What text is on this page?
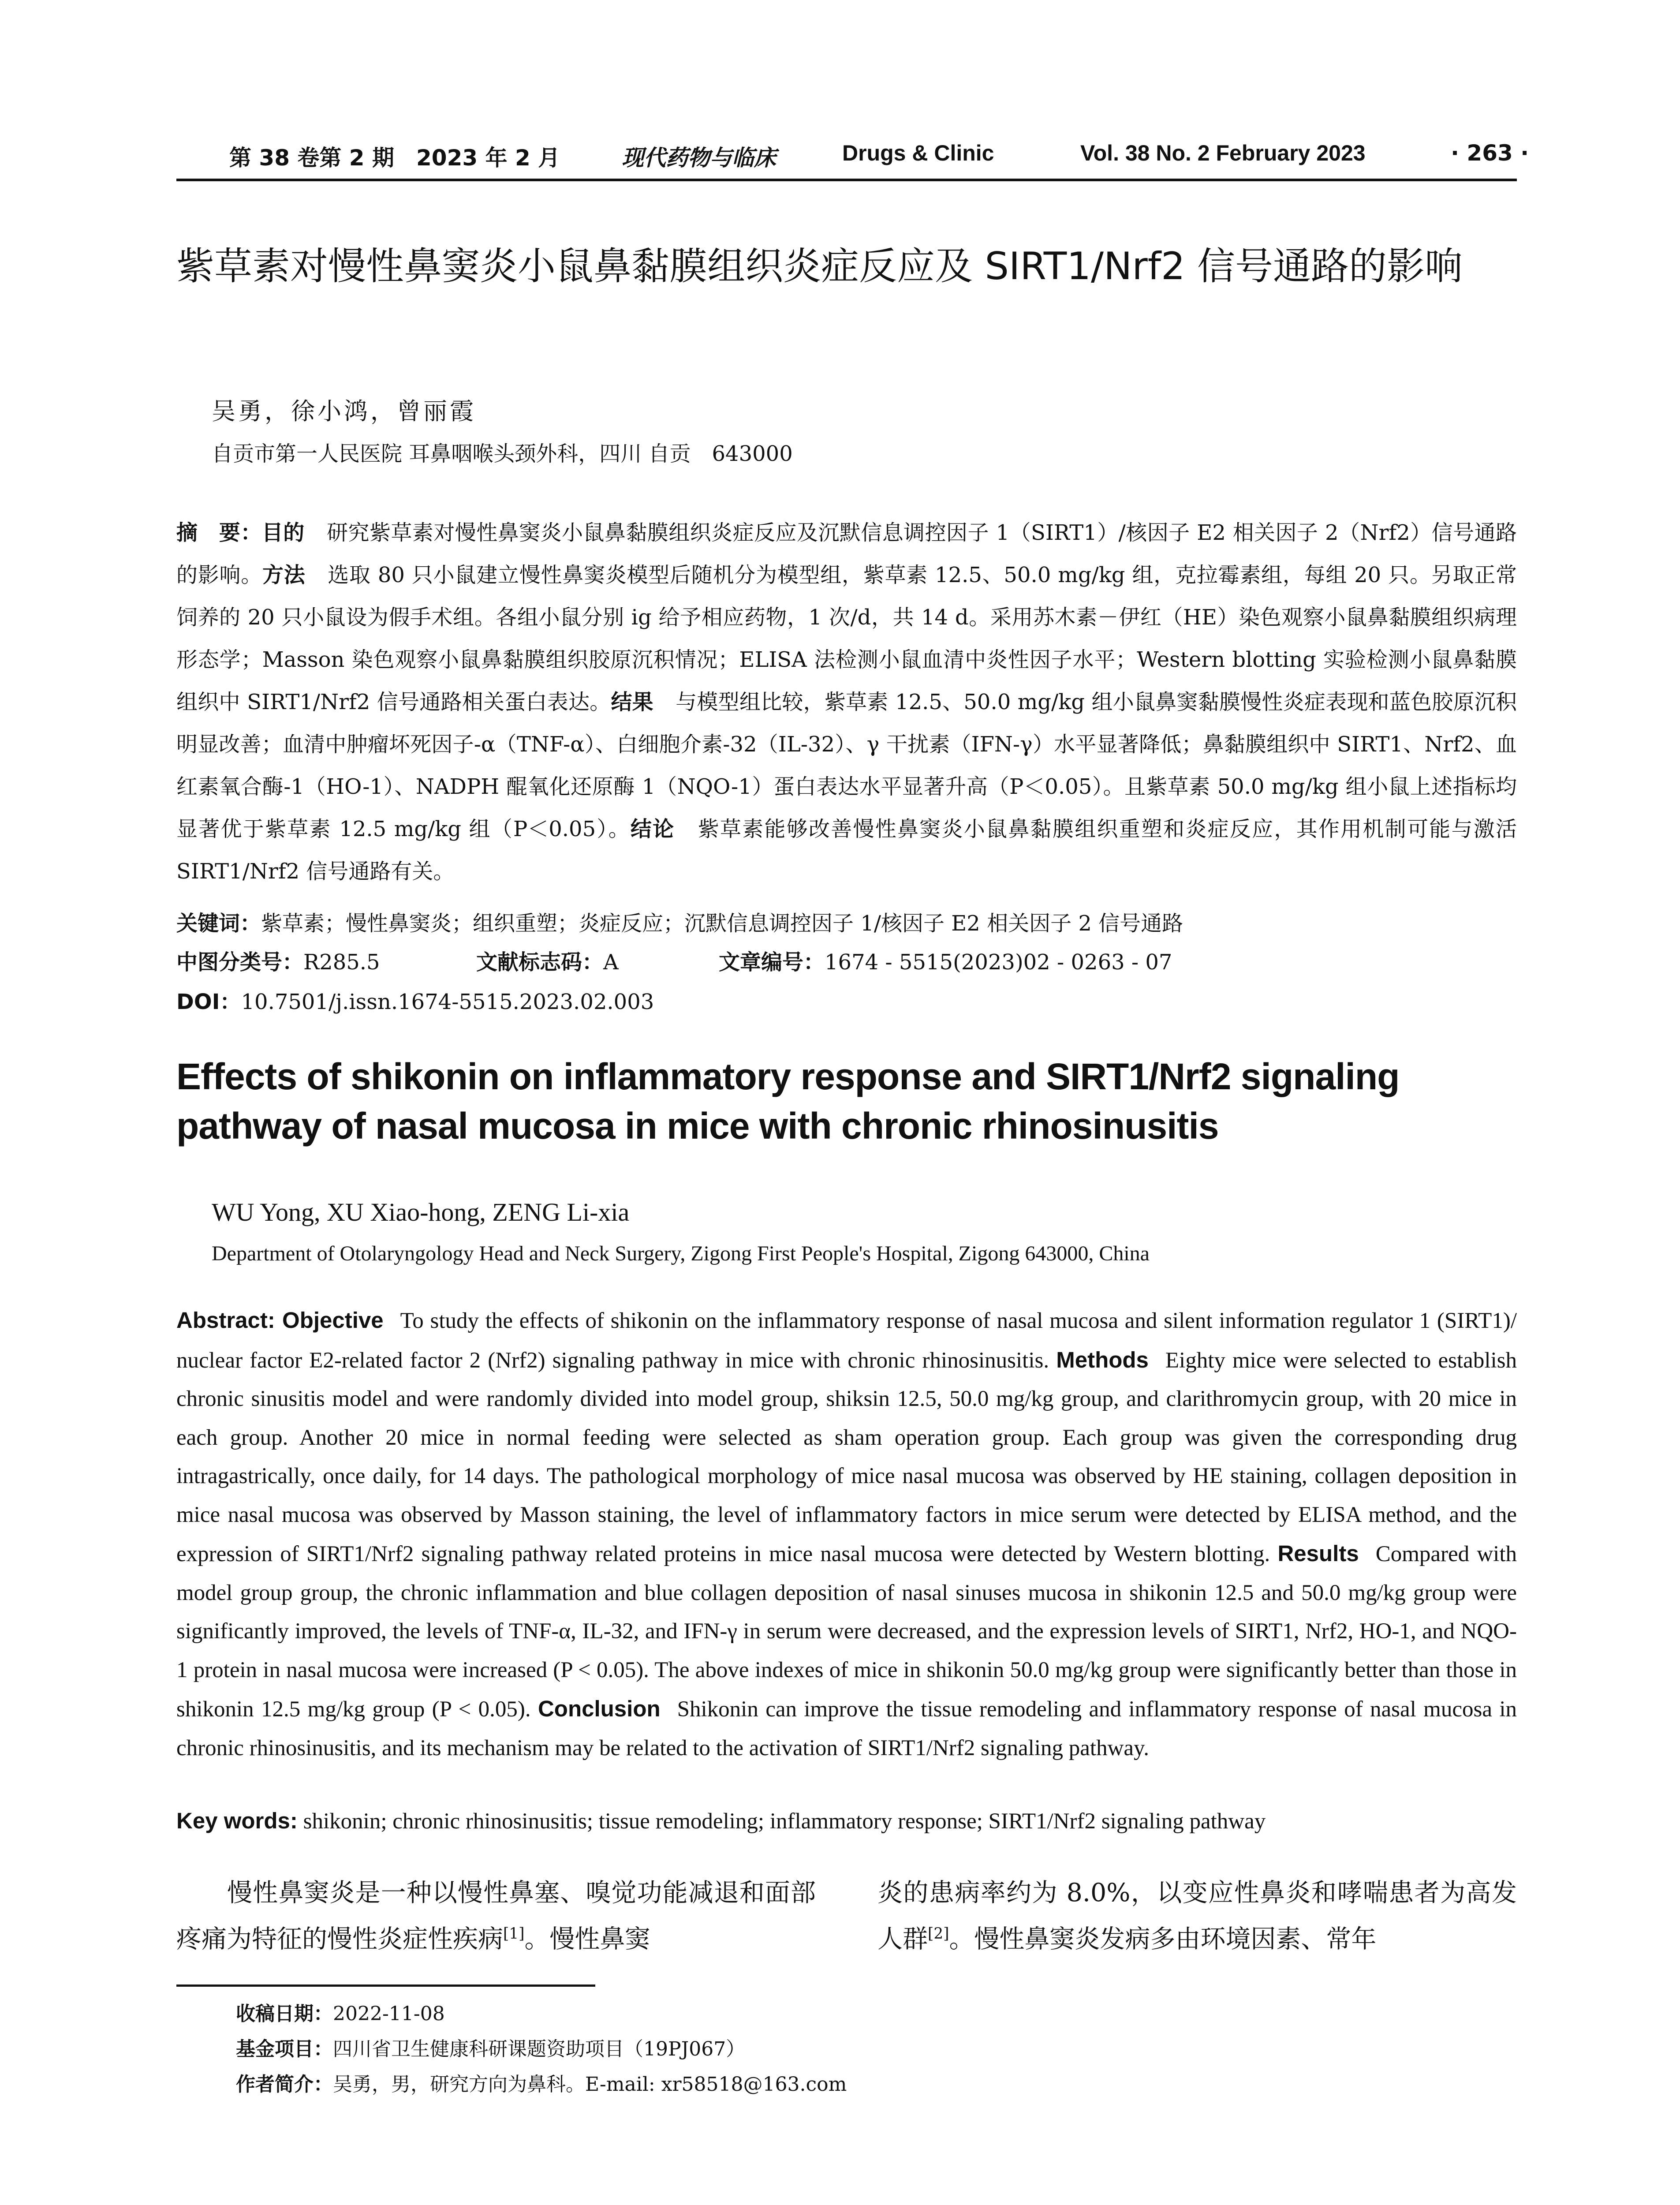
第 38 卷第 2 期　2023 年 2 月	现代药物与临床	Drugs & Clinic	Vol. 38 No. 2 February 2023	· 263 ·
紫草素对慢性鼻窦炎小鼠鼻黏膜组织炎症反应及 SIRT1/Nrf2 信号通路的影响
吴勇，徐小鸿，曾丽霞
自贡市第一人民医院 耳鼻咽喉头颈外科，四川 自贡　643000
摘　要：目的 研究紫草素对慢性鼻窦炎小鼠鼻黏膜组织炎症反应及沉默信息调控因子 1（SIRT1）/核因子 E2 相关因子 2（Nrf2）信号通路的影响。方法 选取 80 只小鼠建立慢性鼻窦炎模型后随机分为模型组，紫草素 12.5、50.0 mg/kg 组，克拉霉素组，每组 20 只。另取正常饲养的 20 只小鼠设为假手术组。各组小鼠分别 ig 给予相应药物，1 次/d，共 14 d。采用苏木素－伊红（HE）染色观察小鼠鼻黏膜组织病理形态学；Masson 染色观察小鼠鼻黏膜组织胶原沉积情况；ELISA 法检测小鼠血清中炎性因子水平；Western blotting 实验检测小鼠鼻黏膜组织中 SIRT1/Nrf2 信号通路相关蛋白表达。结果 与模型组比较，紫草素 12.5、50.0 mg/kg 组小鼠鼻窦黏膜慢性炎症表现和蓝色胶原沉积明显改善；血清中肿瘤坏死因子-α（TNF-α）、白细胞介素-32（IL-32）、γ 干扰素（IFN-γ）水平显著降低；鼻黏膜组织中 SIRT1、Nrf2、血红素氧合酶-1（HO-1）、NADPH 醌氧化还原酶 1（NQO-1）蛋白表达水平显著升高（P＜0.05）。且紫草素 50.0 mg/kg 组小鼠上述指标均显著优于紫草素 12.5 mg/kg 组（P＜0.05）。结论 紫草素能够改善慢性鼻窦炎小鼠鼻黏膜组织重塑和炎症反应，其作用机制可能与激活 SIRT1/Nrf2 信号通路有关。
关键词：紫草素；慢性鼻窦炎；组织重塑；炎症反应；沉默信息调控因子 1/核因子 E2 相关因子 2 信号通路
中图分类号：R285.5	文献标志码：A	文章编号：1674 - 5515(2023)02 - 0263 - 07
DOI：10.7501/j.issn.1674-5515.2023.02.003
Effects of shikonin on inflammatory response and SIRT1/Nrf2 signaling pathway of nasal mucosa in mice with chronic rhinosinusitis
WU Yong, XU Xiao-hong, ZENG Li-xia
Department of Otolaryngology Head and Neck Surgery, Zigong First People's Hospital, Zigong 643000, China
Abstract: Objective To study the effects of shikonin on the inflammatory response of nasal mucosa and silent information regulator 1 (SIRT1)/ nuclear factor E2-related factor 2 (Nrf2) signaling pathway in mice with chronic rhinosinusitis. Methods Eighty mice were selected to establish chronic sinusitis model and were randomly divided into model group, shiksin 12.5, 50.0 mg/kg group, and clarithromycin group, with 20 mice in each group. Another 20 mice in normal feeding were selected as sham operation group. Each group was given the corresponding drug intragastrically, once daily, for 14 days. The pathological morphology of mice nasal mucosa was observed by HE staining, collagen deposition in mice nasal mucosa was observed by Masson staining, the level of inflammatory factors in mice serum were detected by ELISA method, and the expression of SIRT1/Nrf2 signaling pathway related proteins in mice nasal mucosa were detected by Western blotting. Results Compared with model group group, the chronic inflammation and blue collagen deposition of nasal sinuses mucosa in shikonin 12.5 and 50.0 mg/kg group were significantly improved, the levels of TNF-α, IL-32, and IFN-γ in serum were decreased, and the expression levels of SIRT1, Nrf2, HO-1, and NQO-1 protein in nasal mucosa were increased (P < 0.05). The above indexes of mice in shikonin 50.0 mg/kg group were significantly better than those in shikonin 12.5 mg/kg group (P < 0.05). Conclusion Shikonin can improve the tissue remodeling and inflammatory response of nasal mucosa in chronic rhinosinusitis, and its mechanism may be related to the activation of SIRT1/Nrf2 signaling pathway.
Key words: shikonin; chronic rhinosinusitis; tissue remodeling; inflammatory response; SIRT1/Nrf2 signaling pathway
慢性鼻窦炎是一种以慢性鼻塞、嗅觉功能减退和面部疼痛为特征的慢性炎症性疾病[1]。慢性鼻窦
炎的患病率约为 8.0%，以变应性鼻炎和哮喘患者为高发人群[2]。慢性鼻窦炎发病多由环境因素、常年
收稿日期：2022-11-08
基金项目：四川省卫生健康科研课题资助项目（19PJ067）
作者简介：吴勇，男，研究方向为鼻科。E-mail: xr58518@163.com
